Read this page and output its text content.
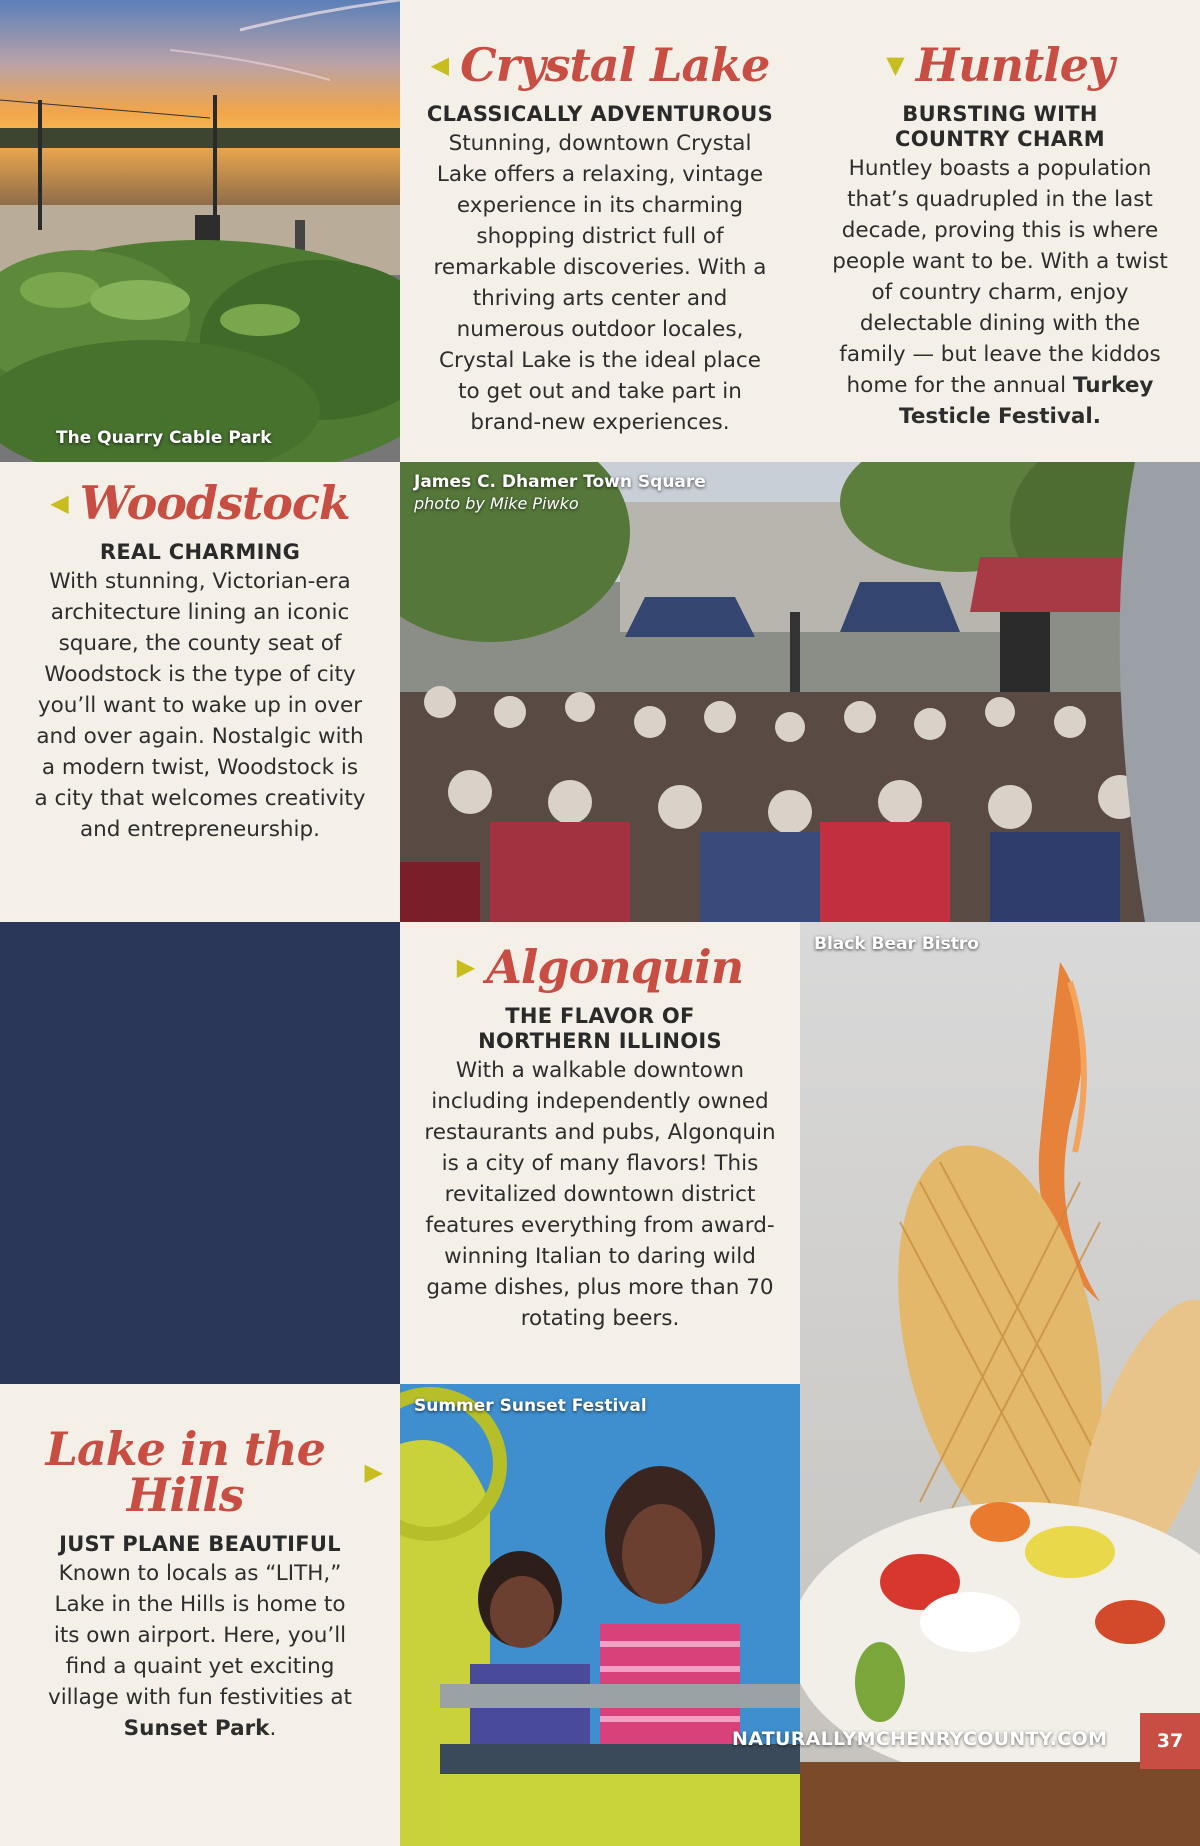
The Quarry Cable Park
◀ Crystal Lake
CLASSICALLY ADVENTUROUS
Stunning, downtown Crystal Lake offers a relaxing, vintage experience in its charming shopping district full of remarkable discoveries. With a thriving arts center and numerous outdoor locales, Crystal Lake is the ideal place to get out and take part in brand-new experiences.
▼ Huntley
BURSTING WITH
COUNTRY CHARM
Huntley boasts a population that’s quadrupled in the last decade, proving this is where people want to be. With a twist of country charm, enjoy delectable dining with the family — but leave the kiddos home for the annual Turkey Testicle Festival.
◀ Woodstock
REAL CHARMING
With stunning, Victorian-era architecture lining an iconic square, the county seat of Woodstock is the type of city you’ll want to wake up in over and over again. Nostalgic with a modern twist, Woodstock is a city that welcomes creativity and entrepreneurship.
James C. Dhamer Town Square
photo by Mike Piwko
▶ Algonquin
THE FLAVOR OF
NORTHERN ILLINOIS
With a walkable downtown including independently owned restaurants and pubs, Algonquin is a city of many flavors! This revitalized downtown district features everything from award-winning Italian to daring wild game dishes, plus more than 70 rotating beers.
Black Bear Bistro
Lake in the Hills	▶
JUST PLANE BEAUTIFUL
Known to locals as “LITH,” Lake in the Hills is home to its own airport. Here, you’ll find a quaint yet exciting village with fun festivities at Sunset Park.
Summer Sunset Festival
NATURALLYMCHENRYCOUNTY.COM	37
